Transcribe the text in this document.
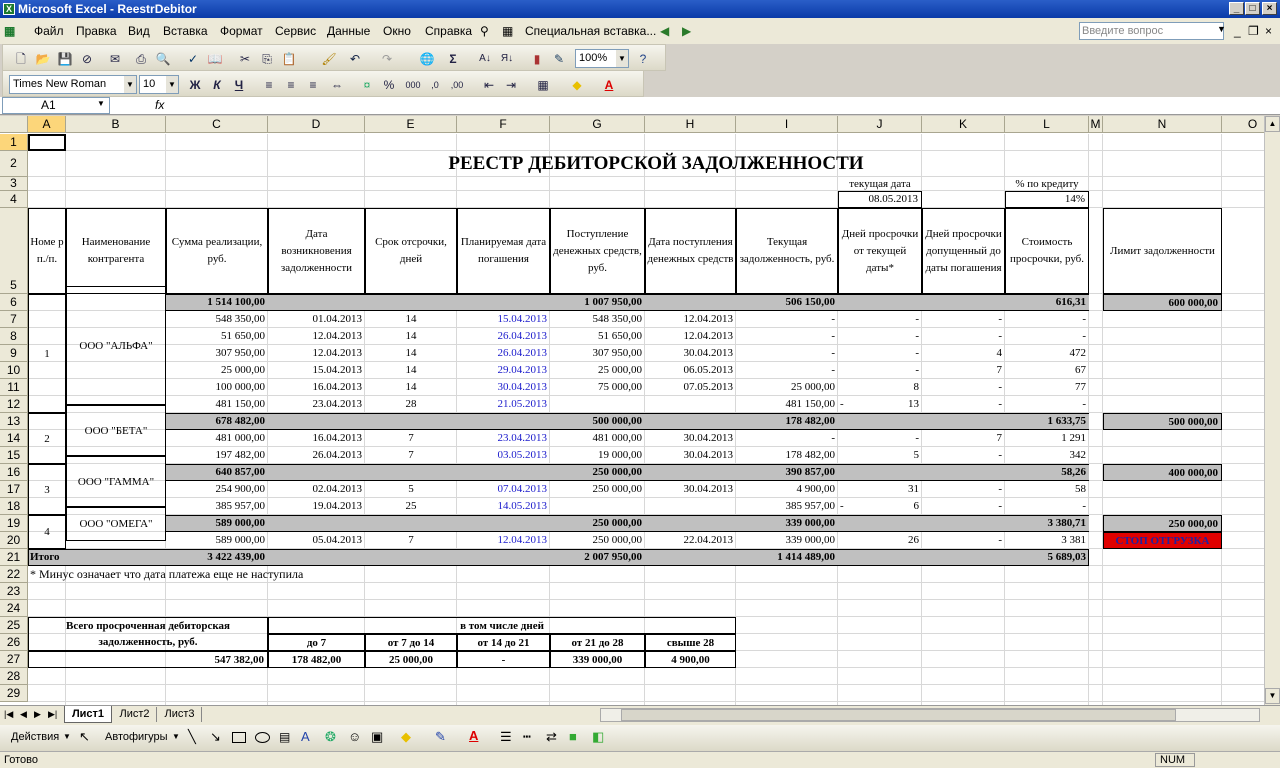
X Microsoft Excel - ReestrDebitor	_	□	×
▦ Файл Правка Вид Вставка Формат Сервис Данные Окно Справка ⚲ ▦ Специальная вставка... ◀ ▶	Введите вопрос	▼ _ ❐ ×
🗋 📂 💾 ⊘ ✉ ⎙ 🔍 ✓ 📖 ✂ ⎘ 📋 🖌 ↶ ↷ 🌐	Σ	A↓ Я↓	▮	✎	100% ▼	?
Times New Roman ▼ 10 ▼ Ж	К	Ч	≡	≡	≡	⇔	¤	% 000	,0	,00 ⇤ ⇥ ▦ ◆	A
A1	▼	fx
A	B	C	D	E	F	G	H	I	J	K	L	M	N	O
1
2
3
4
5
6
7
8
9
10
11
12
13
14
15
16
17
18
19
20
21
22
23
24
25
26
27
28
29
РЕЕСТР ДЕБИТОРСКОЙ ЗАДОЛЖЕННОСТИ
текущая дата
08.05.2013
% по кредиту
14%
Номе р п./п.
Наименование контрагента
Сумма реализации, руб.
Дата возникновения задолженности
Срок отсрочки, дней
Планируемая дата погашения
Поступление денежных средств, руб.
Дата поступления денежных средств
Текущая задолженность, руб.
Дней просрочки от текущей даты*
Дней просрочки допущенный до даты погашения
Стоимость просрочки, руб.
Лимит задолженности
1
ООО "АЛЬФА"
1 514 100,00	1 007 950,00	506 150,00	616,31	600 000,00
548 350,00	01.04.2013	14	15.04.2013	548 350,00	12.04.2013	-	-	-	-
51 650,00	12.04.2013	14	26.04.2013	51 650,00	12.04.2013	-	-	-	-
307 950,00	12.04.2013	14	26.04.2013	307 950,00	30.04.2013	-	-	4	472
25 000,00	15.04.2013	14	29.04.2013	25 000,00	06.05.2013	-	-	7	67
100 000,00	16.04.2013	14	30.04.2013	75 000,00	07.05.2013	25 000,00	8	-	77
481 150,00	23.04.2013	28	21.05.2013	481 150,00	13
-	-	-
2
ООО "БЕТА"
678 482,00	500 000,00	178 482,00	1 633,75	500 000,00
481 000,00	16.04.2013	7	23.04.2013	481 000,00	30.04.2013	-	-	7	1 291
197 482,00	26.04.2013	7	03.05.2013	19 000,00	30.04.2013	178 482,00	5	-	342
3
ООО "ГАММА"
640 857,00	250 000,00	390 857,00	58,26	400 000,00
254 900,00	02.04.2013	5	07.04.2013	250 000,00	30.04.2013	4 900,00	31	-	58
385 957,00	19.04.2013	25	14.05.2013	385 957,00	6
-	-	-
4
ООО "ОМЕГА"	589 000,00	250 000,00	339 000,00	3 380,71	250 000,00
589 000,00	05.04.2013	7	12.04.2013	250 000,00	22.04.2013	339 000,00	26	-	3 381	СТОП ОТГРУЗКА
Итого	3 422 439,00	2 007 950,00	1 414 489,00	5 689,03
* Минус означает что дата платежа еще не наступила
Всего просроченная дебиторская задолженность, руб.
в том числе дней
до 7	от 7 до 14	от 14 до 21	от 21 до 28	свыше 28
547 382,00	178 482,00	25 000,00	-	339 000,00	4 900,00
▲
▼
|◀ ◀ ▶ ▶|	Лист1	Лист2	Лист3
Действия ▼ ↖ Автофигуры ▼ ╲ ↘	▤ A ❂ ☺ ▣ ◆ ✎ A ☰ ┅ ⇄ ■ ◧
Готово	NUM
